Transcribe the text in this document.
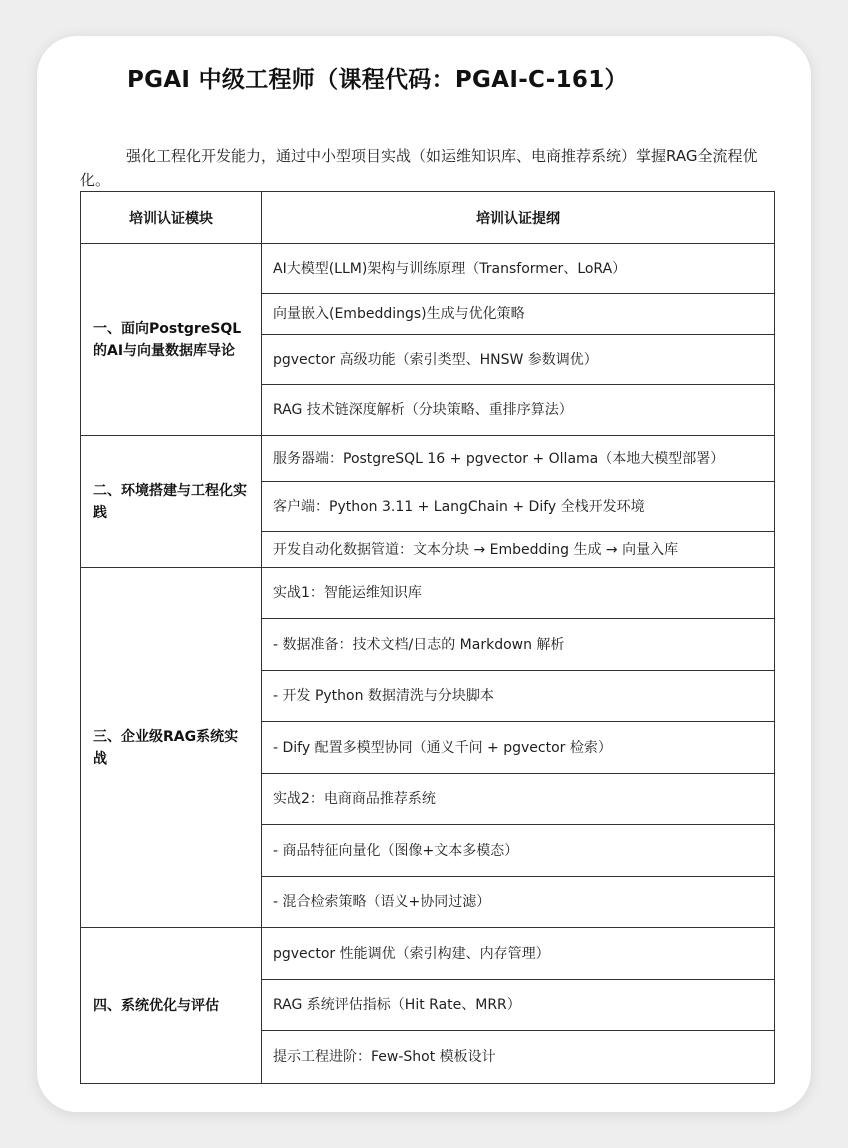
PGAI 中级工程师（课程代码：PGAI-C-161）

强化工程化开发能力，通过中小型项目实战（如运维知识库、电商推荐系统）掌握RAG全流程优化。

培训认证模块	培训认证提纲
一、面向PostgreSQL的AI与向量数据库导论	AI大模型(LLM)架构与训练原理（Transformer、LoRA）
	向量嵌入(Embeddings)生成与优化策略
	pgvector 高级功能（索引类型、HNSW 参数调优）
	RAG 技术链深度解析（分块策略、重排序算法）
二、环境搭建与工程化实践	服务器端：PostgreSQL 16 + pgvector + Ollama（本地大模型部署）
	客户端：Python 3.11 + LangChain + Dify 全栈开发环境
	开发自动化数据管道：文本分块 → Embedding 生成 → 向量入库
三、企业级RAG系统实战	实战1：智能运维知识库
	- 数据准备：技术文档/日志的 Markdown 解析
	- 开发 Python 数据清洗与分块脚本
	- Dify 配置多模型协同（通义千问 + pgvector 检索）
	实战2：电商商品推荐系统
	- 商品特征向量化（图像+文本多模态）
	- 混合检索策略（语义+协同过滤）
四、系统优化与评估	pgvector 性能调优（索引构建、内存管理）
	RAG 系统评估指标（Hit Rate、MRR）
	提示工程进阶：Few-Shot 模板设计
